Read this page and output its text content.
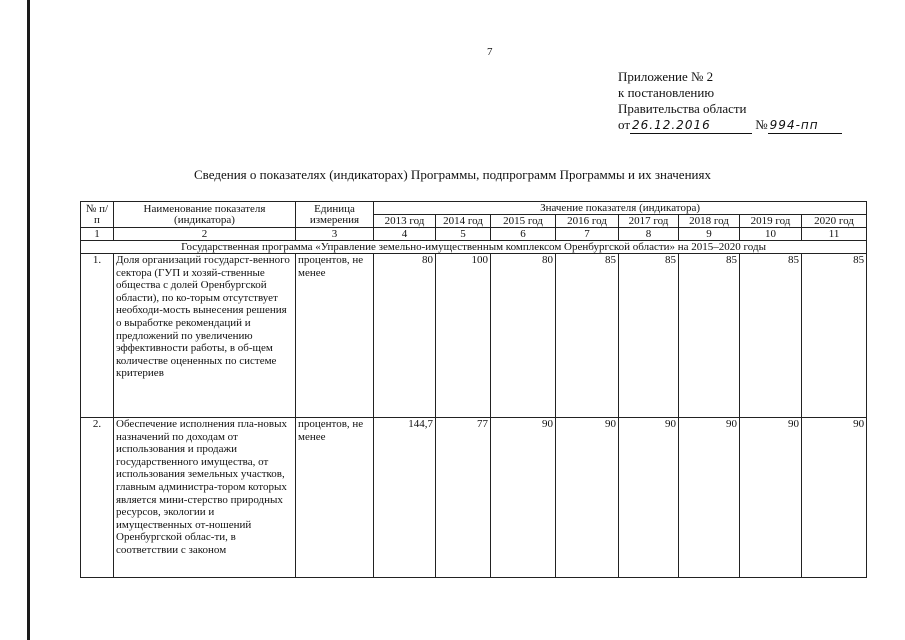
7
Приложение № 2
к постановлению
Правительства области
от 26.12.2016	№ 994-пп
Сведения о показателях (индикаторах) Программы, подпрограмм Программы и их значениях
№ п/п	Наименование показателя (индикатора)	Единица измерения	Значение показателя (индикатора)							
			2013 год	2014 год	2015 год	2016 год	2017 год	2018 год	2019 год	2020 год
1	2	3	4	5	6	7	8	9	10	11
Государственная программа «Управление земельно-имущественным комплексом Оренбургской области» на 2015–2020 годы										
1.	Доля организаций государст-венного сектора (ГУП и хозяй-ственные общества с долей Оренбургской области), по ко-торым отсутствует необходи-мость вынесения решения о выработке рекомендаций и предложений по увеличению эффективности работы, в об-щем количестве оцененных по системе критериев	процентов, не менее	80	100	80	85	85	85	85	85
2.	Обеспечение исполнения пла-новых назначений по доходам от использования и продажи государственного имущества, от использования земельных участков, главным администра-тором которых является мини-стерство природных ресурсов, экологии и имущественных от-ношений Оренбургской облас-ти, в соответствии с законом	процентов, не менее	144,7	77	90	90	90	90	90	90
